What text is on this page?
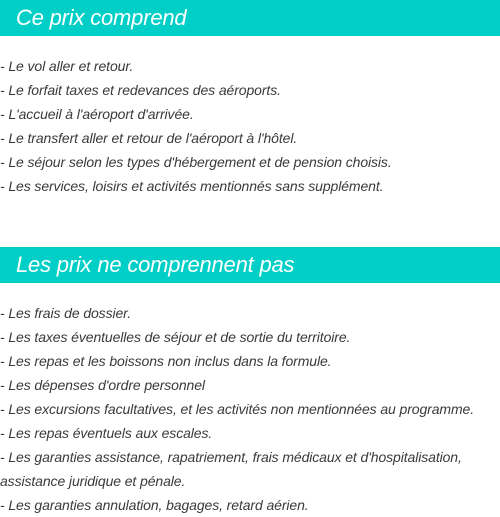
Ce prix comprend
- Le vol aller et retour.
- Le forfait taxes et redevances des aéroports.
- L'accueil à l'aéroport d'arrivée.
- Le transfert aller et retour de l'aéroport à l'hôtel.
- Le séjour selon les types d'hébergement et de pension choisis.
- Les services, loisirs et activités mentionnés sans supplément.
Les prix ne comprennent pas
- Les frais de dossier.
- Les taxes éventuelles de séjour et de sortie du territoire.
- Les repas et les boissons non inclus dans la formule.
- Les dépenses d'ordre personnel
- Les excursions facultatives, et les activités non mentionnées au programme.
- Les repas éventuels aux escales.
- Les garanties assistance, rapatriement, frais médicaux et d'hospitalisation, assistance juridique et pénale.
- Les garanties annulation, bagages, retard aérien.
